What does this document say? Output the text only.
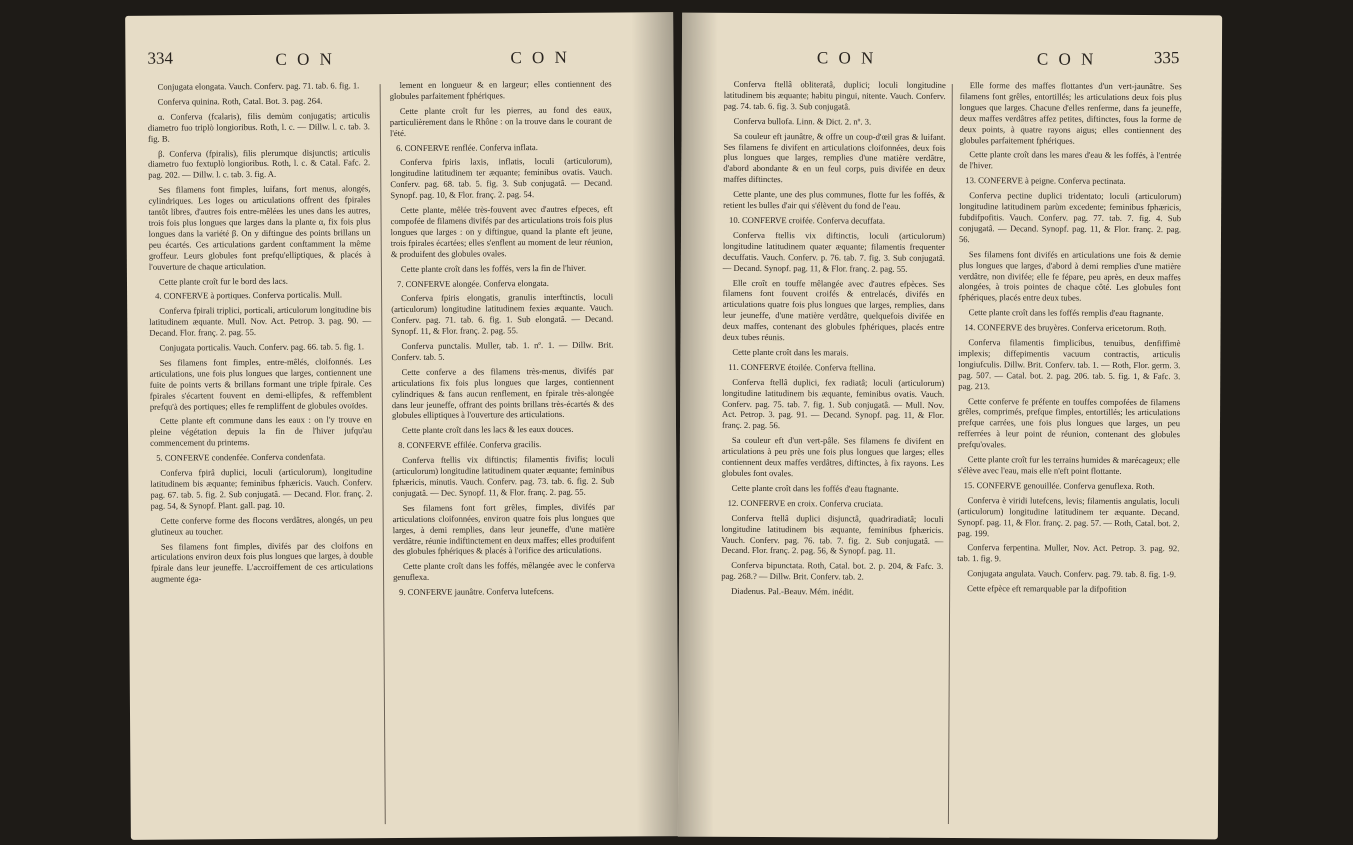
334	C O N	C O N

Conjugata elongata. Vauch. Conferv. pag. 71. tab. 6. fig. 1.

Conferva quinina. Roth, Catal. Bot. 3. pag. 264.

α. Conferva (fcalaris), filis demùm conjugatis; articulis diametro fuo triplò longioribus. Roth, l. c. — Dillw. l. c. tab. 3. fig. B.

β. Conferva (fpiralis), filis plerumque disjunctis; articulis diametro fuo fextuplò longioribus. Roth, l. c. & Catal. Fafc. 2. pag. 202. — Dillw. l. c. tab. 3. fig. A.

Ses filamens font fimples, luifans, fort menus, alongés, cylindriques. Les loges ou articulations offrent des fpirales tantôt libres, d'autres fois entre-mêlées les unes dans les autres, trois fois plus longues que larges dans la plante α, fix fois plus longues dans la variété β. On y diftingue des points brillans un peu écartés. Ces articulations gardent conftamment la même groffeur. Leurs globules font prefqu'elliptiques, & placés à l'ouverture de chaque articulation.

Cette plante croît fur le bord des lacs.

4. CONFERVE à portiques. Conferva porticalis. Mull.

Conferva fpirali triplici, porticali, articulorum longitudine bis latitudinem æquante. Mull. Nov. Act. Petrop. 3. pag. 90. — Decand. Flor. franç. 2. pag. 55.

Conjugata porticalis. Vauch. Conferv. pag. 66. tab. 5. fig. 1.

Ses filamens font fimples, entre-mêlés, cloifonnés. Les articulations, une fois plus longues que larges, contiennent une fuite de points verts & brillans formant une triple fpirale. Ces fpirales s'écartent fouvent en demi-ellipfes, & reffemblent prefqu'à des portiques; elles fe rempliffent de globules ovoïdes.

Cette plante eft commune dans les eaux : on l'y trouve en pleine végétation depuis la fin de l'hiver jufqu'au commencement du printems.

5. CONFERVE condenfée. Conferva condenfata.

Conferva fpirâ duplici, loculi (articulorum), longitudine latitudinem bis æquante; feminibus fphæricis. Vauch. Conferv. pag. 67. tab. 5. fig. 2. Sub conjugatâ. — Decand. Flor. franç. 2. pag. 54, & Synopf. Plant. gall. pag. 10.

Cette conferve forme des flocons verdâtres, alongés, un peu glutineux au toucher.

Ses filamens font fimples, divifés par des cloifons en articulations environ deux fois plus longues que larges, à double fpirale dans leur jeuneffe. L'accroiffement de ces articulations augmente éga-

lement en longueur & en largeur; elles contiennent des globules parfaitement fphériques.

Cette plante croît fur les pierres, au fond des eaux, particulièrement dans le Rhône : on la trouve dans le courant de l'été.

6. CONFERVE renflée. Conferva inflata.

Conferva fpiris laxis, inflatis, loculi (articulorum), longitudine latitudinem ter æquante; feminibus ovatis. Vauch. Conferv. pag. 68. tab. 5. fig. 3. Sub conjugatâ. — Decand. Synopf. pag. 10, & Flor. franç. 2. pag. 54.

Cette plante, mêlée très-fouvent avec d'autres efpeces, eft compofée de filamens divifés par des articulations trois fois plus longues que larges : on y diftingue, quand la plante eft jeune, trois fpirales écartées; elles s'enflent au moment de leur réunion, & produifent des globules ovales.

Cette plante croît dans les foffés, vers la fin de l'hiver.

7. CONFERVE alongée. Conferva elongata.

Conferva fpiris elongatis, granulis interftinctis, loculi (articulorum) longitudine latitudinem fexies æquante. Vauch. Conferv. pag. 71. tab. 6. fig. 1. Sub elongatâ. — Decand. Synopf. 11, & Flor. franç. 2. pag. 55.

Conferva punctalis. Muller, tab. 1. nº. 1. — Dillw. Brit. Conferv. tab. 5.

Cette conferve a des filamens très-menus, divifés par articulations fix fois plus longues que larges, contiennent cylindriques & fans aucun renflement, en fpirale très-alongée dans leur jeuneffe, offrant des points brillans très-écartés & des globules elliptiques à l'ouverture des articulations.

Cette plante croît dans les lacs & les eaux douces.

8. CONFERVE effilée. Conferva gracilis.

Conferva ftellis vix diftinctis; filamentis fivifis; loculi (articulorum) longitudine latitudinem quater æquante; feminibus fphæricis, minutis. Vauch. Conferv. pag. 73. tab. 6. fig. 2. Sub conjugatâ. — Dec. Synopf. 11, & Flor. franç. 2. pag. 55.

Ses filamens font fort grêles, fimples, divifés par articulations cloifonnées, environ quatre fois plus longues que larges, à demi remplies, dans leur jeuneffe, d'une matière verdâtre, réunie indiftinctement en deux maffes; elles produifent des globules fphériques & placés à l'orifice des articulations.

Cette plante croît dans les foffés, mêlangée avec le conferva genuflexa.

9. CONFERVE jaunâtre. Conferva lutefcens.

C O N	C O N	335

Conferva ftellâ obliteratâ, duplici; loculi longitudine latitudinem bis æquante; habitu pingui, nitente. Vauch. Conferv. pag. 74. tab. 6. fig. 3. Sub conjugatâ.

Conferva bullofa. Linn. & Dict. 2. nº. 3.

Sa couleur eft jaunâtre, & offre un coup-d'œil gras & luifant. Ses filamens fe divifent en articulations cloifonnées, deux fois plus longues que larges, remplies d'une matière verdâtre, d'abord abondante & en un feul corps, puis divifée en deux maffes diftinctes.

Cette plante, une des plus communes, flotte fur les foffés, & retient les bulles d'air qui s'élèvent du fond de l'eau.

10. CONFERVE croifée. Conferva decuffata.

Conferva ftellis vix diftinctis, loculi (articulorum) longitudine latitudinem quater æquante; filamentis frequenter decuffatis. Vauch. Conferv. p. 76. tab. 7. fig. 3. Sub conjugatâ. — Decand. Synopf. pag. 11, & Flor. franç. 2. pag. 55.

Elle croît en touffe mêlangée avec d'autres efpèces. Ses filamens font fouvent croifés & entrelacés, divifés en articulations quatre fois plus longues que larges, remplies, dans leur jeuneffe, d'une matière verdâtre, quelquefois divifée en deux maffes, contenant des globules fphériques, placés entre deux tubes réunis.

Cette plante croît dans les marais.

11. CONFERVE étoilée. Conferva ftellina.

Conferva ftellâ duplici, fex radiatâ; loculi (articulorum) longitudine latitudinem bis æquante, feminibus ovatis. Vauch. Conferv. pag. 75. tab. 7. fig. 1. Sub conjugatâ. — Mull. Nov. Act. Petrop. 3. pag. 91. — Decand. Synopf. pag. 11, & Flor. franç. 2. pag. 56.

Sa couleur eft d'un vert-pâle. Ses filamens fe divifent en articulations à peu près une fois plus longues que larges; elles contiennent deux maffes verdâtres, diftinctes, à fix rayons. Les globules font ovales.

Cette plante croît dans les foffés d'eau ftagnante.

12. CONFERVE en croix. Conferva cruciata.

Conferva ftellâ duplici disjunctâ, quadriradiatâ; loculi longitudine latitudinem bis æquante, feminibus fphæricis. Vauch. Conferv. pag. 76. tab. 7. fig. 2. Sub conjugatâ. — Decand. Flor. franç. 2. pag. 56, & Synopf. pag. 11.

Conferva bipunctata. Roth, Catal. bot. 2. p. 204, & Fafc. 3. pag. 268.? — Dillw. Brit. Conferv. tab. 2.

Diadenus. Pal.-Beauv. Mém. inédit.

Elle forme des maffes flottantes d'un vert-jaunâtre. Ses filamens font grêles, entortillés; les articulations deux fois plus longues que larges. Chacune d'elles renferme, dans fa jeuneffe, deux maffes verdâtres affez petites, diftinctes, fous la forme de deux points, à quatre rayons aigus; elles contiennent des globules parfaitement fphériques.

Cette plante croît dans les mares d'eau & les foffés, à l'entrée de l'hiver.

13. CONFERVE à peigne. Conferva pectinata.

Conferva pectine duplici tridentato; loculi (articulorum) longitudine latitudinem parùm excedente; feminibus fphæricis, fubdifpofitis. Vauch. Conferv. pag. 77. tab. 7. fig. 4. Sub conjugatâ. — Decand. Synopf. pag. 11, & Flor. franç. 2. pag. 56.

Ses filamens font divifés en articulations une fois & demie plus longues que larges, d'abord à demi remplies d'une matière verdâtre, non divifée; elle fe fépare, peu après, en deux maffes alongées, à trois pointes de chaque côté. Les globules font fphériques, placés entre deux tubes.

Cette plante croît dans les foffés remplis d'eau ftagnante.

14. CONFERVE des bruyères. Conferva ericetorum. Roth.

Conferva filamentis fimplicibus, tenuibus, denfiffimè implexis; diffepimentis vacuum contractis, articulis longiufculis. Dillw. Brit. Conferv. tab. 1. — Roth, Flor. germ. 3. pag. 507. — Catal. bot. 2. pag. 206. tab. 5. fig. 1, & Fafc. 3. pag. 213.

Cette conferve fe préfente en touffes compofées de filamens grêles, comprimés, prefque fimples, entortillés; les articulations prefque carrées, une fois plus longues que larges, un peu refferrées à leur point de réunion, contenant des globules prefqu'ovales.

Cette plante croît fur les terrains humides & marécageux; elle s'élève avec l'eau, mais elle n'eft point flottante.

15. CONFERVE genouillée. Conferva genuflexa. Roth.

Conferva è viridi lutefcens, levis; filamentis angulatis, loculi (articulorum) longitudine latitudinem ter æquante. Decand. Synopf. pag. 11, & Flor. franç. 2. pag. 57. — Roth, Catal. bot. 2. pag. 199.

Conferva ferpentina. Muller, Nov. Act. Petrop. 3. pag. 92. tab. 1. fig. 9.

Conjugata angulata. Vauch. Conferv. pag. 79. tab. 8. fig. 1-9.

Cette efpèce eft remarquable par la difpofition
